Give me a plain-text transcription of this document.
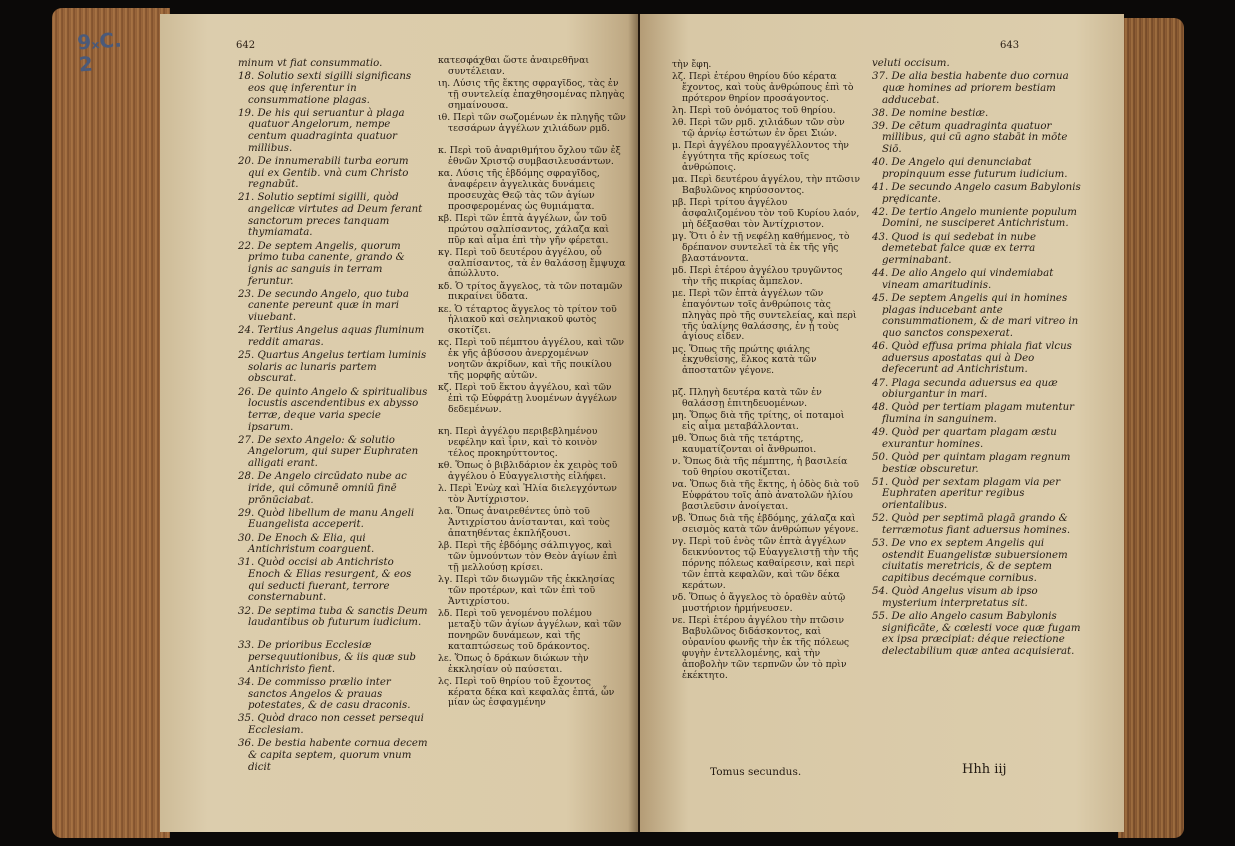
9ₓC.
2
642
minum vt fiat consummatio.
18. Solutio sexti sigilli significans eos quę inferentur in consummatione plagas.
19. De his qui seruantur à plaga quatuor Angelorum, nempe centum quadraginta quatuor millibus.
20. De innumerabili turba eorum qui ex Gentib. vnà cum Christo regnabūt.
21. Solutio septimi sigilli, quòd angelicæ virtutes ad Deum ferant sanctorum preces tanquam thymiamata.
22. De septem Angelis, quorum primo tuba canente, grando & ignis ac sanguis in terram feruntur.
23. De secundo Angelo, quo tuba canente pereunt quæ in mari viuebant.
24. Tertius Angelus aquas fluminum reddit amaras.
25. Quartus Angelus tertiam luminis solaris ac lunaris partem obscurat.
26. De quinto Angelo & spiritualibus locustis ascendentibus ex abysso terræ, deque varia specie ipsarum.
27. De sexto Angelo: & solutio Angelorum, qui super Euphraten alligati erant.
28. De Angelo circūdato nube ac iride, qui cōmunē omniū finē prōnūciabat.
29. Quòd libellum de manu Angeli Euangelista acceperit.
30. De Enoch & Elia, qui Antichristum coarguent.
31. Quòd occisi ab Antichristo Enoch & Elias resurgent, & eos qui seducti fuerant, terrore consternabunt.
32. De septima tuba & sanctis Deum laudantibus ob futurum iudicium.
33. De prioribus Ecclesiæ persequutionibus, & iis quæ sub Antichristo fient.
34. De commisso prælio inter sanctos Angelos & prauas potestates, & de casu draconis.
35. Quòd draco non cesset persequi Ecclesiam.
36. De bestia habente cornua decem & capita septem, quorum vnum dicit
κατεσφάχθαι ὥστε ἀναιρεθῆναι συντέλειαν.
ιη. Λύσις τῆς ἕκτης σφραγῖδος, τὰς ἐν τῇ συντελείᾳ ἐπαχθησομένας πληγὰς σημαίνουσα.
ιθ. Περὶ τῶν σωζομένων ἐκ πληγῆς τῶν τεσσάρων ἀγγέλων χιλιάδων ρμδ.
κ. Περὶ τοῦ ἀναριθμήτου ὄχλου τῶν ἐξ ἐθνῶν Χριστῷ συμβασιλευσάντων.
κα. Λύσις τῆς ἑβδόμης σφραγῖδος, ἀναφέρειν ἀγγελικὰς δυνάμεις προσευχὰς Θεῷ τὰς τῶν ἁγίων προσφερομένας ὡς θυμιάματα.
κβ. Περὶ τῶν ἑπτὰ ἀγγέλων, ὧν τοῦ πρώτου σαλπίσαντος, χάλαζα καὶ πῦρ καὶ αἷμα ἐπὶ τὴν γῆν φέρεται.
κγ. Περὶ τοῦ δευτέρου ἀγγέλου, οὗ σαλπίσαντος, τὰ ἐν θαλάσσῃ ἔμψυχα ἀπώλλυτο.
κδ. Ὁ τρίτος ἄγγελος, τὰ τῶν ποταμῶν πικραίνει ὕδατα.
κε. Ὁ τέταρτος ἄγγελος τὸ τρίτον τοῦ ἡλιακοῦ καὶ σεληνιακοῦ φωτὸς σκοτίζει.
κς. Περὶ τοῦ πέμπτου ἀγγέλου, καὶ τῶν ἐκ γῆς ἀβύσσου ἀνερχομένων νοητῶν ἀκρίδων, καὶ τῆς ποικίλου τῆς μορφῆς αὐτῶν.
κζ. Περὶ τοῦ ἕκτου ἀγγέλου, καὶ τῶν ἐπὶ τῷ Εὐφράτῃ λυομένων ἀγγέλων δεδεμένων.
κη. Περὶ ἀγγέλου περιβεβλημένου νεφέλην καὶ ἶριν, καὶ τὸ κοινὸν τέλος προκηρύττοντος.
κθ. Ὅπως ὁ βιβλιδάριον ἐκ χειρὸς τοῦ ἀγγέλου ὁ Εὐαγγελιστὴς εἰλήφει.
λ. Περὶ Ἐνὼχ καὶ Ἠλία διελεγχόντων τὸν Ἀντίχριστον.
λα. Ὅπως ἀναιρεθέντες ὑπὸ τοῦ Ἀντιχρίστου ἀνίστανται, καὶ τοὺς ἀπατηθέντας ἐκπλήξουσι.
λβ. Περὶ τῆς ἑβδόμης σάλπιγγος, καὶ τῶν ὑμνούντων τὸν Θεὸν ἁγίων ἐπὶ τῇ μελλούσῃ κρίσει.
λγ. Περὶ τῶν διωγμῶν τῆς ἐκκλησίας τῶν προτέρων, καὶ τῶν ἐπὶ τοῦ Ἀντιχρίστου.
λδ. Περὶ τοῦ γενομένου πολέμου μεταξὺ τῶν ἁγίων ἀγγέλων, καὶ τῶν πονηρῶν δυνάμεων, καὶ τῆς καταπτώσεως τοῦ δράκοντος.
λε. Ὅπως ὁ δράκων διώκων τὴν ἐκκλησίαν οὐ παύσεται.
λς. Περὶ τοῦ θηρίου τοῦ ἔχοντος κέρατα δέκα καὶ κεφαλὰς ἑπτά, ὧν μίαν ὡς ἐσφαγμένην
643
τὴν ἔφη.
λζ. Περὶ ἑτέρου θηρίου δύο κέρατα ἔχοντος, καὶ τοὺς ἀνθρώπους ἐπὶ τὸ πρότερον θηρίον προσάγοντος.
λη. Περὶ τοῦ ὀνόματος τοῦ θηρίου.
λθ. Περὶ τῶν ρμδ. χιλιάδων τῶν σὺν τῷ ἀρνίῳ ἑστώτων ἐν ὄρει Σιών.
μ. Περὶ ἀγγέλου προαγγέλλοντος τὴν ἐγγύτητα τῆς κρίσεως τοῖς ἀνθρώποις.
μα. Περὶ δευτέρου ἀγγέλου, τὴν πτῶσιν Βαβυλῶνος κηρύσσοντος.
μβ. Περὶ τρίτου ἀγγέλου ἀσφαλιζομένου τὸν τοῦ Κυρίου λαόν, μὴ δέξασθαι τὸν Ἀντίχριστον.
μγ. Ὅτι ὁ ἐν τῇ νεφέλῃ καθήμενος, τὸ δρέπανον συντελεῖ τὰ ἐκ τῆς γῆς βλαστάνοντα.
μδ. Περὶ ἑτέρου ἀγγέλου τρυγῶντος τὴν τῆς πικρίας ἄμπελον.
με. Περὶ τῶν ἑπτὰ ἀγγέλων τῶν ἐπαγόντων τοῖς ἀνθρώποις τὰς πληγὰς πρὸ τῆς συντελείας, καὶ περὶ τῆς ὑαλίνης θαλάσσης, ἐν ᾗ τοὺς ἁγίους εἶδεν.
μς. Ὅπως τῆς πρώτης φιάλης ἐκχυθείσης, ἕλκος κατὰ τῶν ἀποστατῶν γέγονε.
μζ. Πληγὴ δευτέρα κατὰ τῶν ἐν θαλάσσῃ ἐπιτηδευομένων.
μη. Ὅπως διὰ τῆς τρίτης, οἱ ποταμοὶ εἰς αἷμα μεταβάλλονται.
μθ. Ὅπως διὰ τῆς τετάρτης, καυματίζονται οἱ ἄνθρωποι.
ν. Ὅπως διὰ τῆς πέμπτης, ἡ βασιλεία τοῦ θηρίου σκοτίζεται.
να. Ὅπως διὰ τῆς ἕκτης, ἡ ὁδὸς διὰ τοῦ Εὐφράτου τοῖς ἀπὸ ἀνατολῶν ἡλίου βασιλεῦσιν ἀνοίγεται.
νβ. Ὅπως διὰ τῆς ἑβδόμης, χάλαζα καὶ σεισμὸς κατὰ τῶν ἀνθρώπων γέγονε.
νγ. Περὶ τοῦ ἑνὸς τῶν ἑπτὰ ἀγγέλων δεικνύοντος τῷ Εὐαγγελιστῇ τὴν τῆς πόρνης πόλεως καθαίρεσιν, καὶ περὶ τῶν ἑπτὰ κεφαλῶν, καὶ τῶν δέκα κεράτων.
νδ. Ὅπως ὁ ἄγγελος τὸ ὁραθὲν αὐτῷ μυστήριον ἡρμήνευσεν.
νε. Περὶ ἑτέρου ἀγγέλου τὴν πτῶσιν Βαβυλῶνος διδάσκοντος, καὶ οὐρανίου φωνῆς τὴν ἐκ τῆς πόλεως φυγὴν ἐντελλομένης, καὶ τὴν ἀποβολὴν τῶν τερπνῶν ὧν τὸ πρὶν ἐκέκτητο.
veluti occisum.
37. De alia bestia habente duo cornua quæ homines ad priorem bestiam adducebat.
38. De nomine bestiæ.
39. De cētum quadraginta quatuor millibus, qui cū agno stabāt in mōte Siō.
40. De Angelo qui denunciabat propinquum esse futurum iudicium.
41. De secundo Angelo casum Babylonis prędicante.
42. De tertio Angelo muniente populum Domini, ne susciperet Antichristum.
43. Quod is qui sedebat in nube demetebat falce quæ ex terra germinabant.
44. De alio Angelo qui vindemiabat vineam amaritudinis.
45. De septem Angelis qui in homines plagas inducebant ante consummationem, & de mari vitreo in quo sanctos conspexerat.
46. Quòd effusa prima phiala fiat vlcus aduersus apostatas qui à Deo defecerunt ad Antichristum.
47. Plaga secunda aduersus ea quæ obiurgantur in mari.
48. Quòd per tertiam plagam mutentur flumina in sanguinem.
49. Quòd per quartam plagam æstu exurantur homines.
50. Quòd per quintam plagam regnum bestiæ obscuretur.
51. Quòd per sextam plagam via per Euphraten aperitur regibus orientalibus.
52. Quòd per septimā plagā grando & terræmotus fiant aduersus homines.
53. De vno ex septem Angelis qui ostendit Euangelistæ subuersionem ciuitatis meretricis, & de septem capitibus decémque cornibus.
54. Quòd Angelus visum ab ipso mysterium interpretatus sit.
55. De alio Angelo casum Babylonis significāte, & cœlesti voce quæ fugam ex ipsa præcipiat: déque reiectione delectabilium quæ antea acquisierat.
Tomus secundus.	Hhh iij
